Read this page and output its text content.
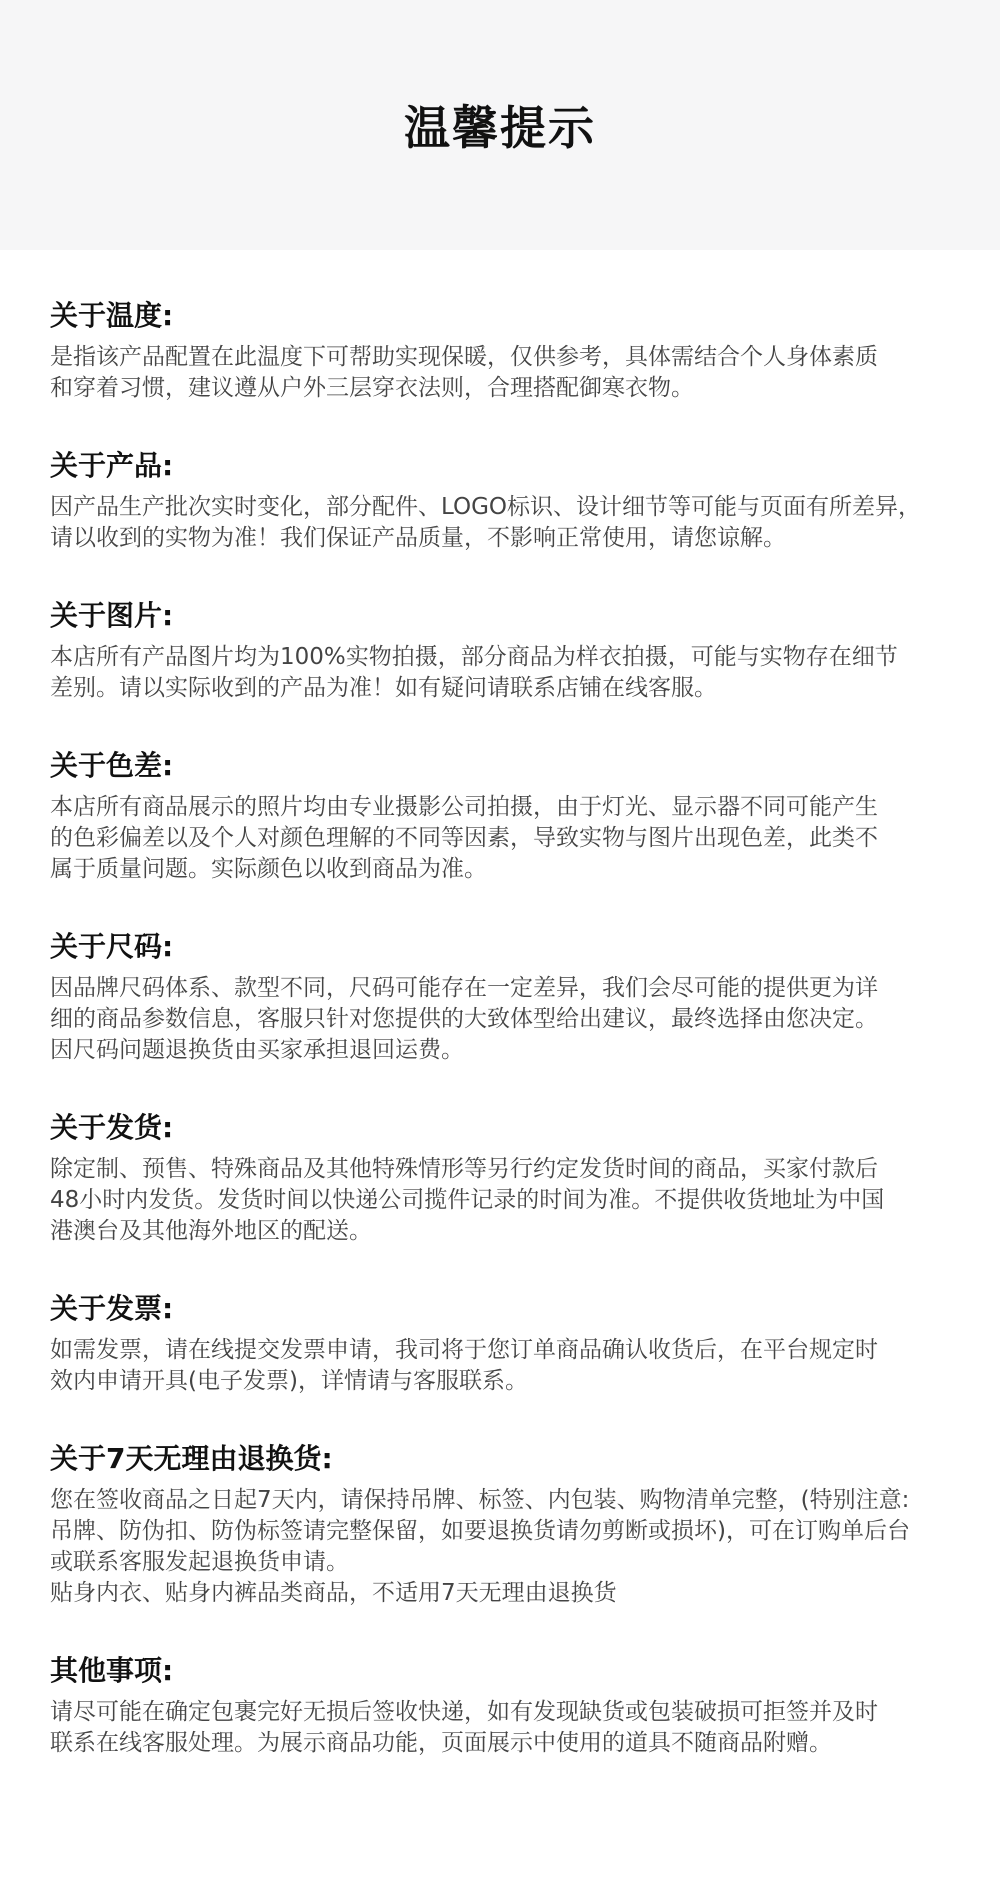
温馨提示
关于温度:

是指该产品配置在此温度下可帮助实现保暖，仅供参考，具体需结合个人身体素质
和穿着习惯，建议遵从户外三层穿衣法则，合理搭配御寒衣物。

关于产品:

因产品生产批次实时变化，部分配件、LOGO标识、设计细节等可能与页面有所差异，
请以收到的实物为准！我们保证产品质量，不影响正常使用，请您谅解。

关于图片:

本店所有产品图片均为100%实物拍摄，部分商品为样衣拍摄，可能与实物存在细节
差别。请以实际收到的产品为准！如有疑问请联系店铺在线客服。

关于色差:

本店所有商品展示的照片均由专业摄影公司拍摄，由于灯光、显示器不同可能产生
的色彩偏差以及个人对颜色理解的不同等因素，导致实物与图片出现色差，此类不
属于质量问题。实际颜色以收到商品为准。

关于尺码:

因品牌尺码体系、款型不同，尺码可能存在一定差异，我们会尽可能的提供更为详
细的商品参数信息，客服只针对您提供的大致体型给出建议，最终选择由您决定。
因尺码问题退换货由买家承担退回运费。

关于发货:

除定制、预售、特殊商品及其他特殊情形等另行约定发货时间的商品，买家付款后
48小时内发货。发货时间以快递公司揽件记录的时间为准。不提供收货地址为中国
港澳台及其他海外地区的配送。

关于发票:

如需发票，请在线提交发票申请，我司将于您订单商品确认收货后，在平台规定时
效内申请开具(电子发票)，详情请与客服联系。

关于7天无理由退换货:

您在签收商品之日起7天内，请保持吊牌、标签、内包装、购物清单完整，(特别注意:
吊牌、防伪扣、防伪标签请完整保留，如要退换货请勿剪断或损坏)，可在订购单后台
或联系客服发起退换货申请。
贴身内衣、贴身内裤品类商品，不适用7天无理由退换货

其他事项:

请尽可能在确定包裹完好无损后签收快递，如有发现缺货或包装破损可拒签并及时
联系在线客服处理。为展示商品功能，页面展示中使用的道具不随商品附赠。
